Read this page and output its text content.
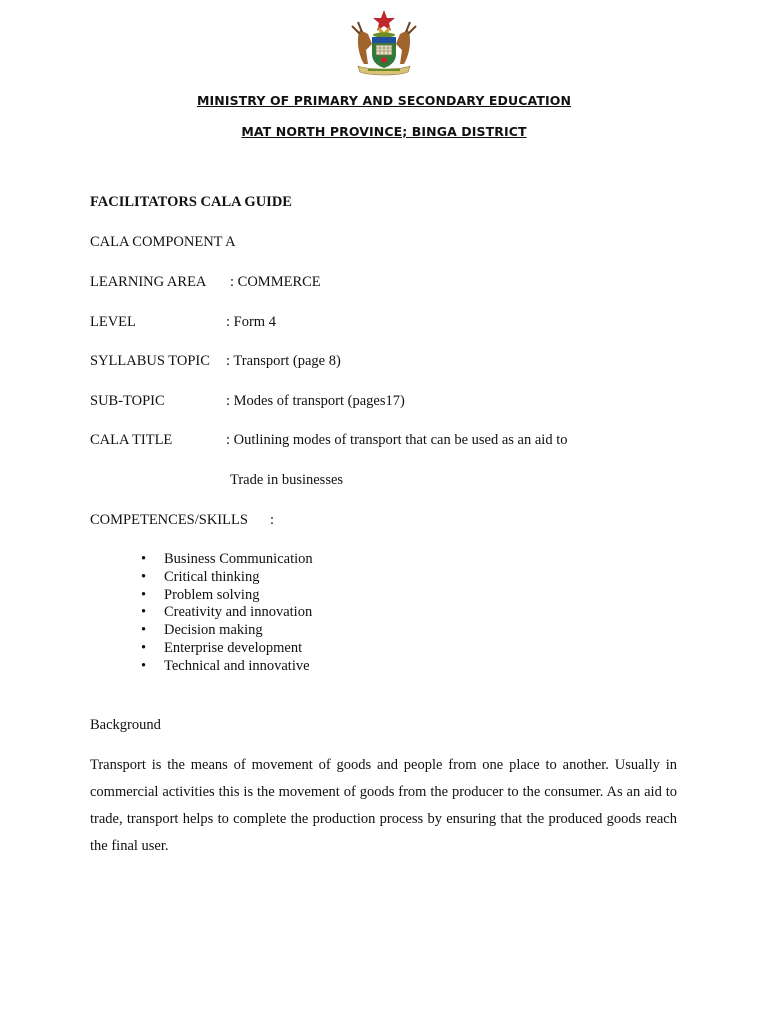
MINISTRY OF PRIMARY AND SECONDARY EDUCATION
MAT NORTH PROVINCE; BINGA DISTRICT
FACILITATORS CALA GUIDE
CALA COMPONENT A
LEARNING AREA : COMMERCE
LEVEL	: Form 4
SYLLABUS TOPIC : Transport (page 8)
SUB-TOPIC	: Modes of transport (pages17)
CALA TITLE	: Outlining modes of transport that can be used as an aid to
Trade in businesses
COMPETENCES/SKILLS :
• Business Communication
• Critical thinking
• Problem solving
• Creativity and innovation
• Decision making
• Enterprise development
• Technical and innovative
Background

Transport is the means of movement of goods and people from one place to another. Usually in commercial activities this is the movement of goods from the producer to the consumer. As an aid to trade, transport helps to complete the production process by ensuring that the produced goods reach the final user.
